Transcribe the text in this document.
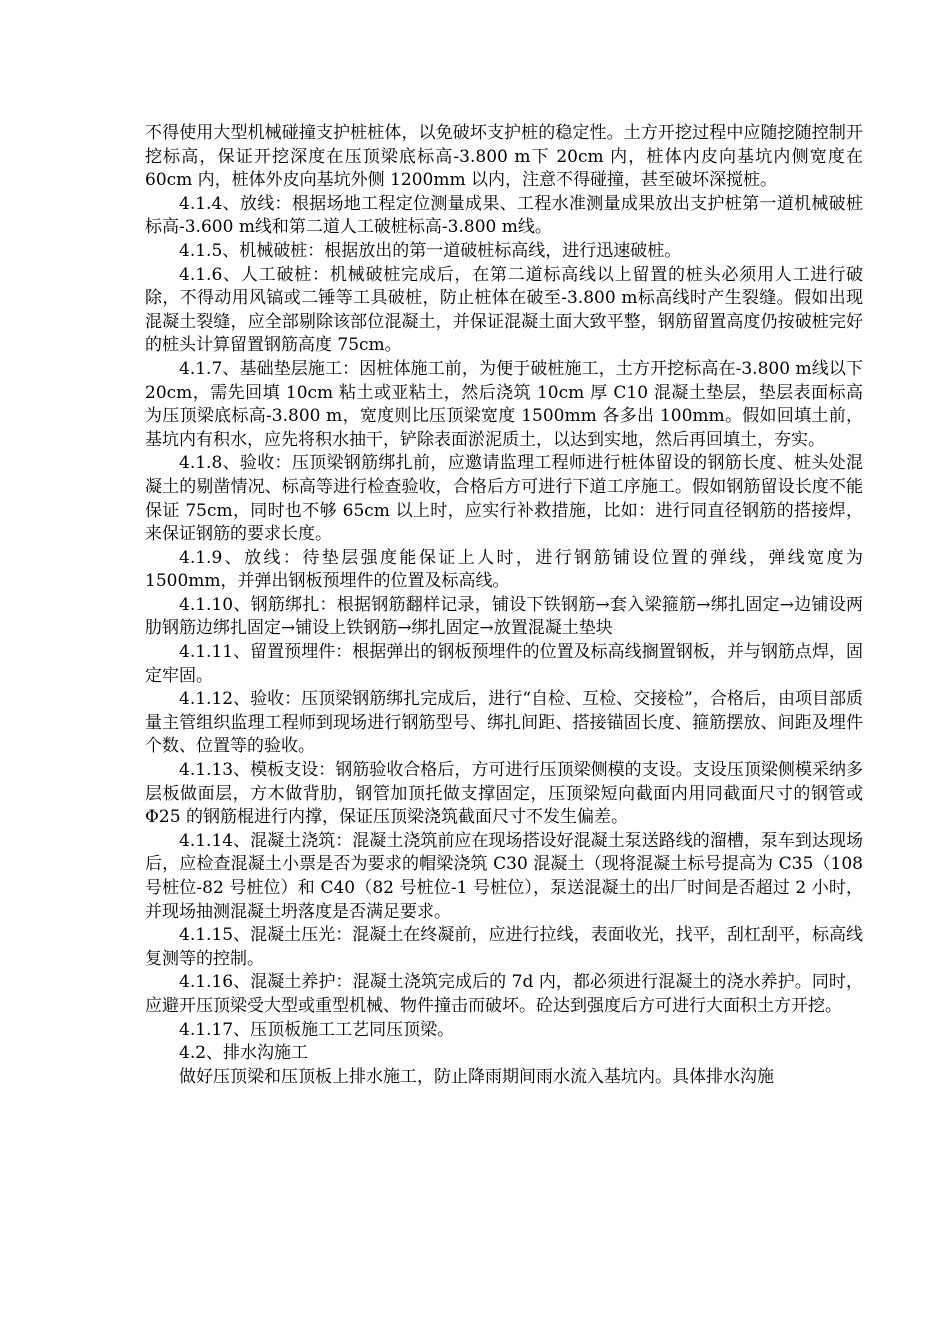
不得使用大型机械碰撞支护桩桩体，以免破坏支护桩的稳定性。土方开挖过程中应随挖随控制开挖标高，保证开挖深度在压顶梁底标高-3.800 m下 20cm 内，桩体内皮向基坑内侧宽度在 60cm 内，桩体外皮向基坑外侧 1200mm 以内，注意不得碰撞，甚至破坏深搅桩。

4.1.4、放线：根据场地工程定位测量成果、工程水准测量成果放出支护桩第一道机械破桩标高-3.600 m线和第二道人工破桩标高-3.800 m线。

4.1.5、机械破桩：根据放出的第一道破桩标高线，进行迅速破桩。

4.1.6、人工破桩：机械破桩完成后，在第二道标高线以上留置的桩头必须用人工进行破除，不得动用风镐或二锤等工具破桩，防止桩体在破至-3.800 m标高线时产生裂缝。假如出现混凝土裂缝，应全部剔除该部位混凝土，并保证混凝土面大致平整，钢筋留置高度仍按破桩完好的桩头计算留置钢筋高度 75cm。

4.1.7、基础垫层施工：因桩体施工前，为便于破桩施工，土方开挖标高在-3.800 m线以下 20cm，需先回填 10cm 粘土或亚粘土，然后浇筑 10cm 厚 C10 混凝土垫层，垫层表面标高为压顶梁底标高-3.800 m，宽度则比压顶梁宽度 1500mm 各多出 100mm。假如回填土前，基坑内有积水，应先将积水抽干，铲除表面淤泥质土，以达到实地，然后再回填土，夯实。

4.1.8、验收：压顶梁钢筋绑扎前，应邀请监理工程师进行桩体留设的钢筋长度、桩头处混凝土的剔凿情况、标高等进行检查验收，合格后方可进行下道工序施工。假如钢筋留设长度不能保证 75cm，同时也不够 65cm 以上时，应实行补救措施，比如：进行同直径钢筋的搭接焊，来保证钢筋的要求长度。

4.1.9、放线：待垫层强度能保证上人时，进行钢筋铺设位置的弹线，弹线宽度为 1500mm，并弹出钢板预埋件的位置及标高线。

4.1.10、钢筋绑扎：根据钢筋翻样记录，铺设下铁钢筋→套入梁箍筋→绑扎固定→边铺设两肋钢筋边绑扎固定→铺设上铁钢筋→绑扎固定→放置混凝土垫块

4.1.11、留置预埋件：根据弹出的钢板预埋件的位置及标高线搁置钢板，并与钢筋点焊，固定牢固。

4.1.12、验收：压顶梁钢筋绑扎完成后，进行“自检、互检、交接检”，合格后，由项目部质量主管组织监理工程师到现场进行钢筋型号、绑扎间距、搭接锚固长度、箍筋摆放、间距及埋件个数、位置等的验收。

4.1.13、模板支设：钢筋验收合格后，方可进行压顶梁侧模的支设。支设压顶梁侧模采纳多层板做面层，方木做背肋，钢管加顶托做支撑固定，压顶梁短向截面内用同截面尺寸的钢管或Φ25 的钢筋棍进行内撑，保证压顶梁浇筑截面尺寸不发生偏差。

4.1.14、混凝土浇筑：混凝土浇筑前应在现场搭设好混凝土泵送路线的溜槽，泵车到达现场后，应检查混凝土小票是否为要求的帽梁浇筑 C30 混凝土（现将混凝土标号提高为 C35（108 号桩位-82 号桩位）和 C40（82 号桩位-1 号桩位），泵送混凝土的出厂时间是否超过 2 小时，并现场抽测混凝土坍落度是否满足要求。

4.1.15、混凝土压光：混凝土在终凝前，应进行拉线，表面收光，找平，刮杠刮平，标高线复测等的控制。

4.1.16、混凝土养护：混凝土浇筑完成后的 7d 内，都必须进行混凝土的浇水养护。同时，应避开压顶梁受大型或重型机械、物件撞击而破坏。砼达到强度后方可进行大面积土方开挖。

4.1.17、压顶板施工工艺同压顶梁。

4.2、排水沟施工

做好压顶梁和压顶板上排水施工，防止降雨期间雨水流入基坑内。具体排水沟施
